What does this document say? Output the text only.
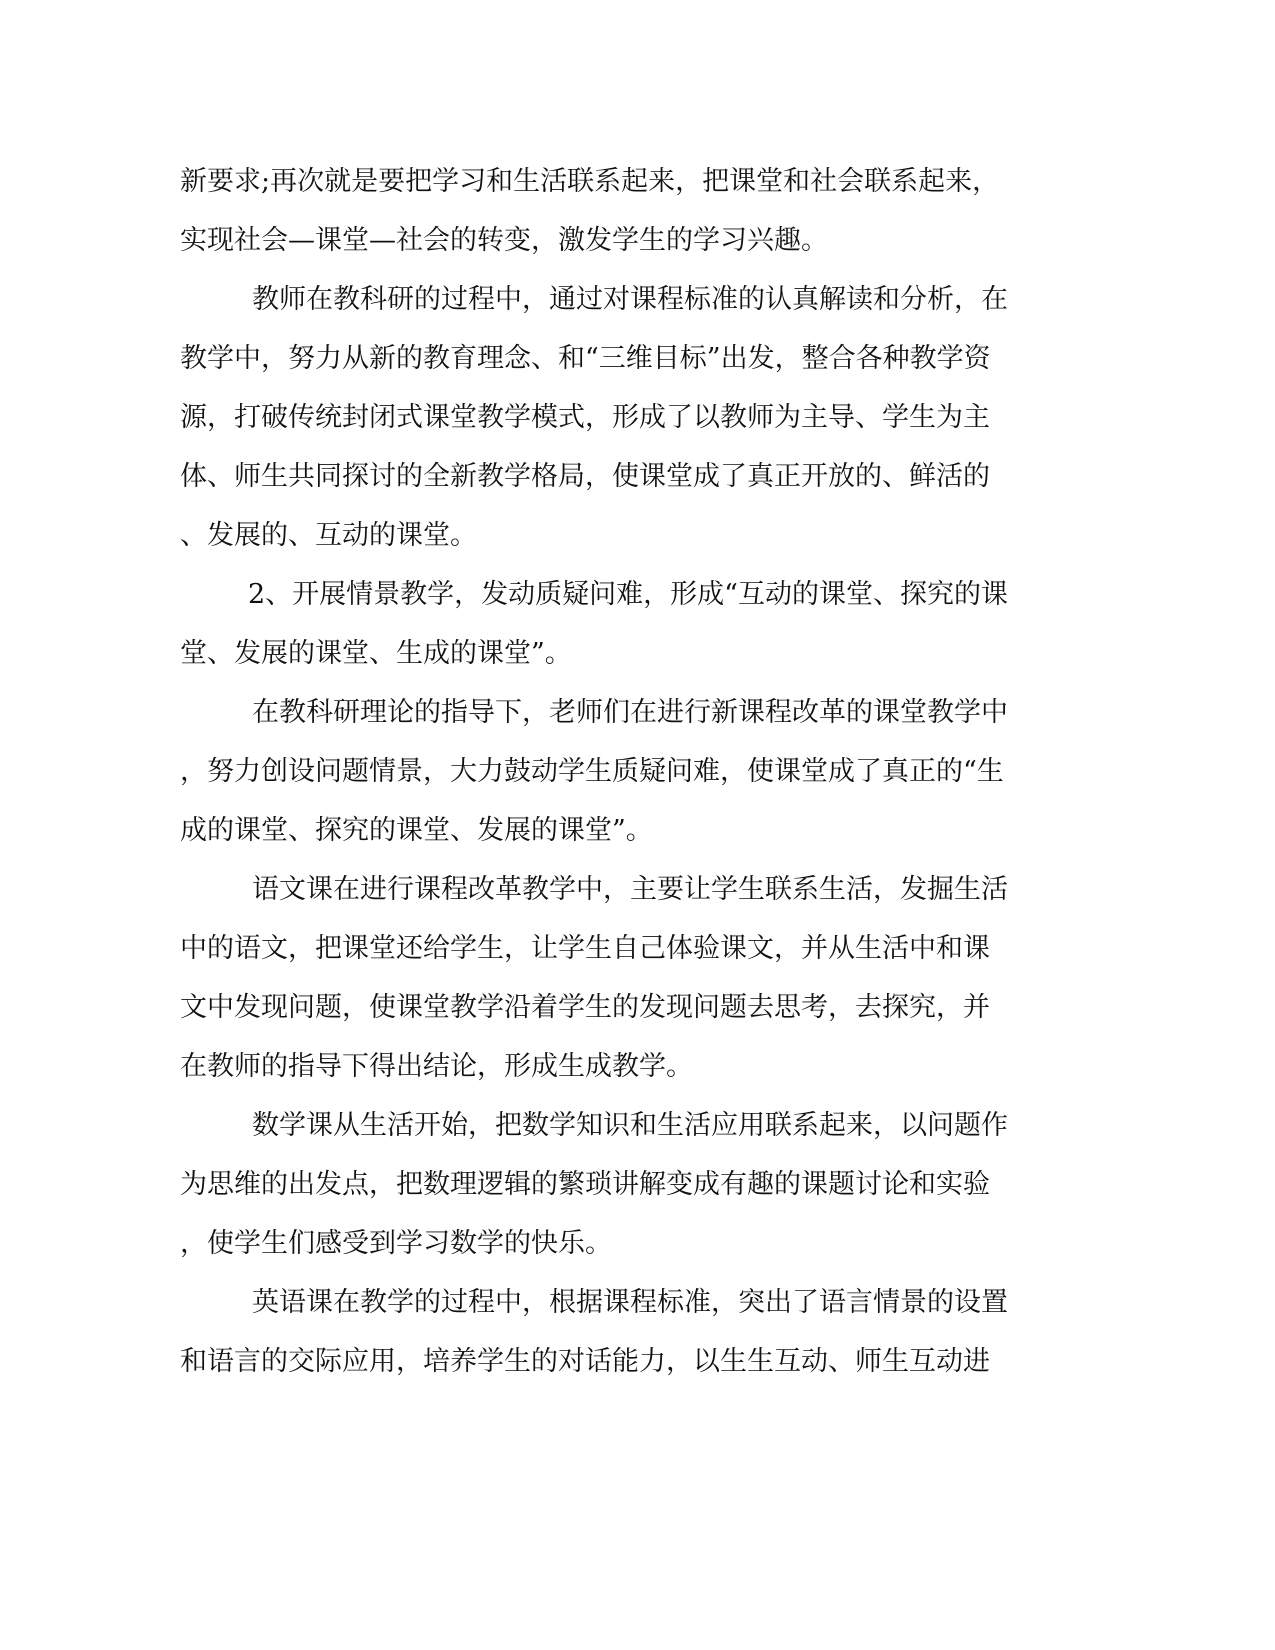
新要求;再次就是要把学习和生活联系起来，把课堂和社会联系起来，
实现社会—课堂—社会的转变，激发学生的学习兴趣。
教师在教科研的过程中，通过对课程标准的认真解读和分析，在
教学中，努力从新的教育理念、和“三维目标”出发，整合各种教学资
源，打破传统封闭式课堂教学模式，形成了以教师为主导、学生为主
体、师生共同探讨的全新教学格局，使课堂成了真正开放的、鲜活的
、发展的、互动的课堂。
2、开展情景教学，发动质疑问难，形成“互动的课堂、探究的课
堂、发展的课堂、生成的课堂”。
在教科研理论的指导下，老师们在进行新课程改革的课堂教学中
，努力创设问题情景，大力鼓动学生质疑问难，使课堂成了真正的“生
成的课堂、探究的课堂、发展的课堂”。
语文课在进行课程改革教学中，主要让学生联系生活，发掘生活
中的语文，把课堂还给学生，让学生自己体验课文，并从生活中和课
文中发现问题，使课堂教学沿着学生的发现问题去思考，去探究，并
在教师的指导下得出结论，形成生成教学。
数学课从生活开始，把数学知识和生活应用联系起来，以问题作
为思维的出发点，把数理逻辑的繁琐讲解变成有趣的课题讨论和实验
，使学生们感受到学习数学的快乐。
英语课在教学的过程中，根据课程标准，突出了语言情景的设置
和语言的交际应用，培养学生的对话能力，以生生互动、师生互动进
